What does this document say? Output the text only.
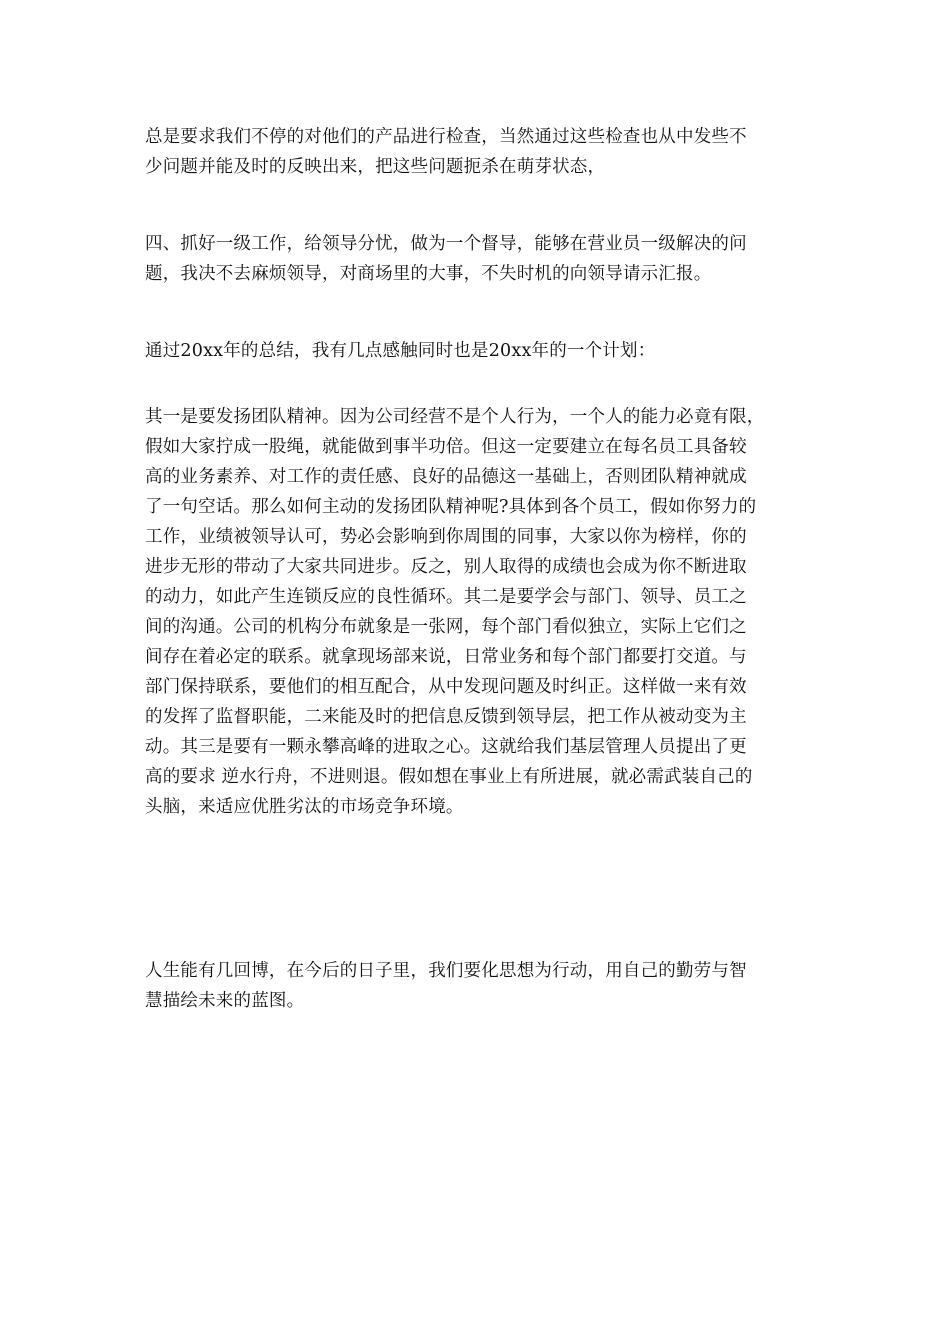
总是要求我们不停的对他们的产品进行检查，当然通过这些检查也从中发些不
少问题并能及时的反映出来，把这些问题扼杀在萌芽状态，
四、抓好一级工作，给领导分忧，做为一个督导，能够在营业员一级解决的问
题，我决不去麻烦领导，对商场里的大事，不失时机的向领导请示汇报。
通过20xx年的总结，我有几点感触同时也是20xx年的一个计划：
其一是要发扬团队精神。因为公司经营不是个人行为，一个人的能力必竟有限，
假如大家拧成一股绳，就能做到事半功倍。但这一定要建立在每名员工具备较
高的业务素养、对工作的责任感、良好的品德这一基础上，否则团队精神就成
了一句空话。那么如何主动的发扬团队精神呢?具体到各个员工，假如你努力的
工作，业绩被领导认可，势必会影响到你周围的同事，大家以你为榜样，你的
进步无形的带动了大家共同进步。反之，别人取得的成绩也会成为你不断进取
的动力，如此产生连锁反应的良性循环。其二是要学会与部门、领导、员工之
间的沟通。公司的机构分布就象是一张网，每个部门看似独立，实际上它们之
间存在着必定的联系。就拿现场部来说，日常业务和每个部门都要打交道。与
部门保持联系，要他们的相互配合，从中发现问题及时纠正。这样做一来有效
的发挥了监督职能，二来能及时的把信息反馈到领导层，把工作从被动变为主
动。其三是要有一颗永攀高峰的进取之心。这就给我们基层管理人员提出了更
高的要求 逆水行舟，不进则退。假如想在事业上有所进展，就必需武装自己的
头脑，来适应优胜劣汰的市场竞争环境。
人生能有几回博，在今后的日子里，我们要化思想为行动，用自己的勤劳与智
慧描绘未来的蓝图。
